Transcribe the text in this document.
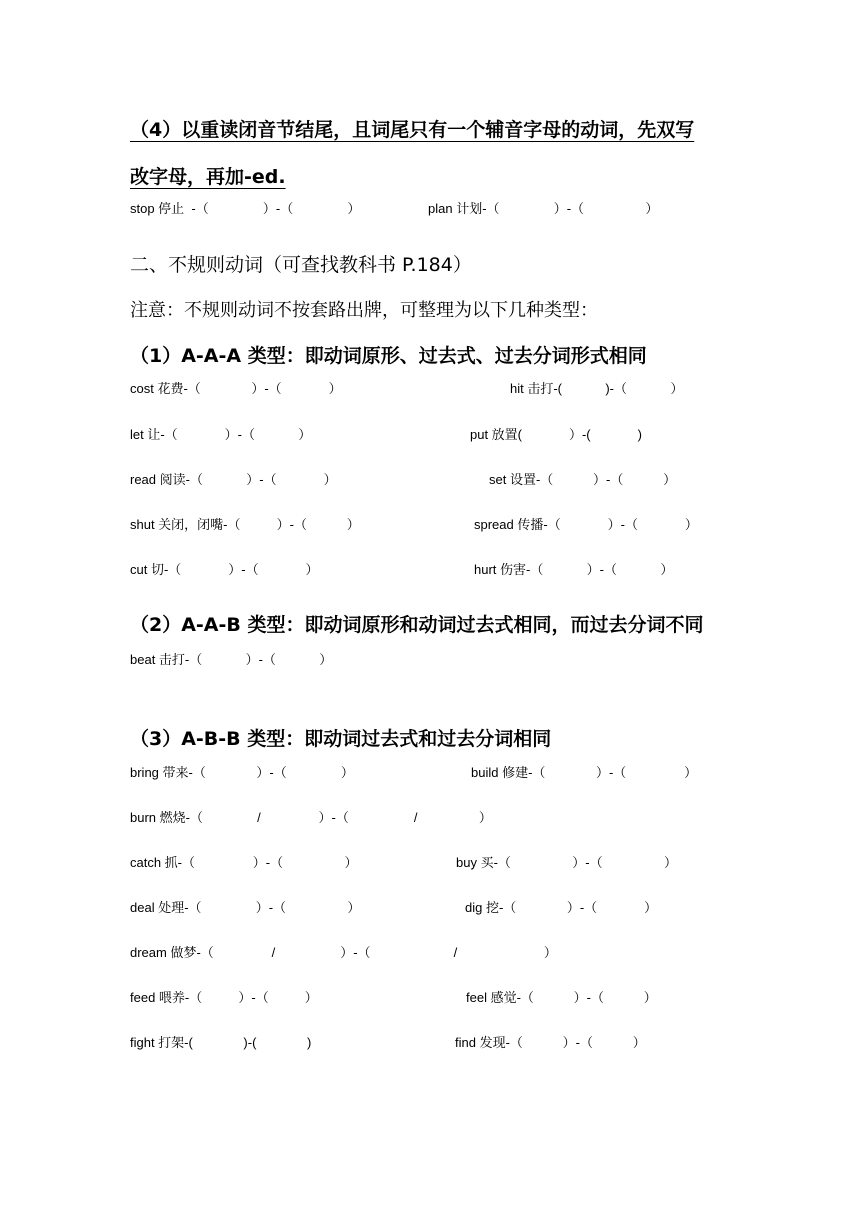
（4）以重读闭音节结尾，且词尾只有一个辅音字母的动词，先双写
改字母，再加-ed.
stop 停止  -（               ）-（               ）	plan 计划-（               ）-（                 ）
二、不规则动词（可查找教科书 P.184）
注意：不规则动词不按套路出牌，可整理为以下几种类型：
（1）A-A-A 类型：即动词原形、过去式、过去分词形式相同
cost 花费-（              ）-（             ）	hit 击打-(            )-（            ）
let 让-（             ）-（            ）	put 放置(             ）-(             )
read 阅读-（            ）-（             ）	set 设置-（           ）-（           ）
shut 关闭，闭嘴-（          ）-（           ）	spread 传播-（             ）-（             ）
cut 切-（             ）-（             ）	hurt 伤害-（            ）-（            ）
（2）A-A-B 类型：即动词原形和动词过去式相同，而过去分词不同
beat 击打-（            ）-（            ）
（3）A-B-B 类型：即动词过去式和过去分词相同
bring 带来-（              ）-（               ）	build 修建-（              ）-（                ）
burn 燃烧-（               /                ）-（                  /                 ）
catch 抓-（                ）-（                 ）	buy 买-（                 ）-（                 ）
deal 处理-（               ）-（                 ）	dig 挖-（              ）-（             ）
dream 做梦-（                /                  ）-（                       /                        ）
feed 喂养-（          ）-（          ）	feel 感觉-（           ）-（           ）
fight 打架-(              )-(              )	find 发现-（           ）-（           ）
